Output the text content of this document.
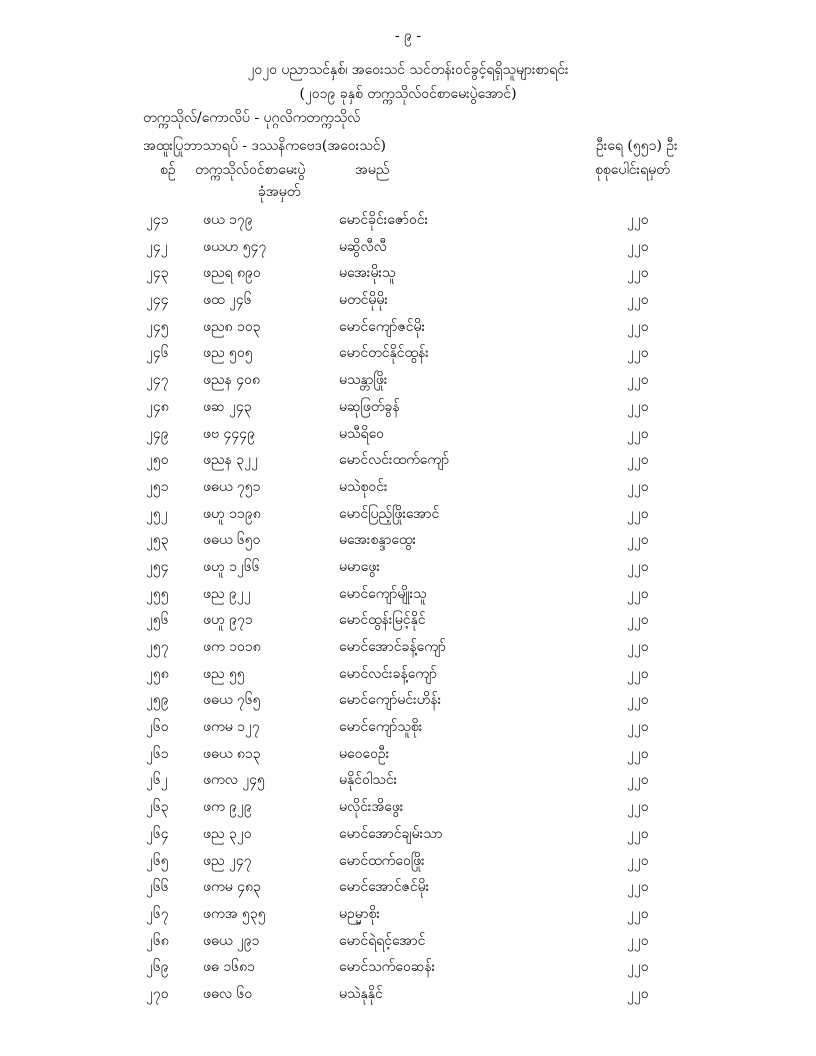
- ၉ -
၂၀၂၀ ပညာသင်နှစ်၊ အဝေးသင် သင်တန်းဝင်ခွင့်ရရှိသူများစာရင်း
(၂၀၁၉ ခုနှစ် တက္ကသိုလ်ဝင်စာမေးပွဲအောင်)
တက္ကသိုလ်/ကောလိပ် - ပုဂ္ဂလိကတက္ကသိုလ်
အထူးပြုဘာသာရပ် - ဒဿနိကဗေဒ(အဝေးသင်)	ဦးရေ (၅၅၁) ဦး
စဉ် တက္ကသိုလ်ဝင်စာမေးပွဲ
ခုံအမှတ်
အမည်	စုစုပေါင်းရမှတ်
၂၄၁ ဖယ ၁၇၉	မောင်ခိုင်းဇော်ဝင်း	၂၂၀
၂၄၂	ဖယဟ ၅၄၇	မဆွိလီလီ	၂၂၀
၂၄၃ ဖညရ ၈၉၀	မအေးမိုးသူ	၂၂၀
၂၄၄ ဖထ ၂၄၆	မတင်မိုမိုး	၂၂၀
၂၄၅ ဖည၈ ၁၀၃	မောင်ကျော်ဇင်မိုး	၂၂၀
၂၄၆ ဖည ၅၀၅	မောင်တင်နိုင်ထွန်း	၂၂၀
၂၄၇ ဖညန ၄၀၈	မသန္တာဖြိုး	၂၂၀
၂၄၈ ဖဆ ၂၄၃	မဆုဖြတ်ခွန်	၂၂၀
၂၄၉ ဖဗ ၄၄၄၉	မသီရိဝေ	၂၂၀
၂၅၀ ဖညန ၃၂၂	မောင်လင်းထက်ကျော်	၂၂၀
၂၅၁ ဖဓယ ၇၅၁	မသဲစုဝင်း	၂၂၀
၂၅၂	ဖဟူ ၁၁၉၈	မောင်ပြည့်ဖြိုးအောင်	၂၂၀
၂၅၃ ဖဓယ ၆၅၀	မအေးစန္ဒာထွေး	၂၂၀
၂၅၄ ဖဟူ ၁၂၆၆	မမာဖွေး	၂၂၀
၂၅၅ ဖည ၉၂၂	မောင်ကျော်မျိုးသူ	၂၂၀
၂၅၆ ဖဟူ ၉၇၁	မောင်ထွန်းမြင့်နိုင်	၂၂၀
၂၅၇ ဖက ၁၀၁၈	မောင်အောင်ခန့်ကျော်	၂၂၀
၂၅၈ ဖည ၅၅	မောင်လင်းခန့်ကျော်	၂၂၀
၂၅၉ ဖဓယ ၇၆၅	မောင်ကျော်မင်းဟိန်း	၂၂၀
၂၆၀ ဖကမ ၁၂၇	မောင်ကျော်သူစိုး	၂၂၀
၂၆၁ ဖဓယ ၈၁၃	မဝေဝေဦး	၂၂၀
၂၆၂	ဖကလ ၂၄၅	မနိုင်ဝါသင်း	၂၂၀
၂၆၃ ဖက ၉၂၉	မလိုင်းအိဖွေး	၂၂၀
၂၆၄ ဖည ၃၂၀	မောင်အောင်ချမ်းသာ	၂၂၀
၂၆၅ ဖည ၂၄၇	မောင်ထက်ဝေဖြိုး	၂၂၀
၂၆၆ ဖကမ ၄၈၃	မောင်အောင်ဇင်မိုး	၂၂၀
၂၆၇ ဖကအ ၅၃၅	မဉမ္မာစိုး	၂၂၀
၂၆၈ ဖဓယ ၂၉၁	မောင်ရဲရင့်အောင်	၂၂၀
၂၆၉ ဖဓ ၁၆၈၁	မောင်သက်ဝေဆန်း	၂၂၀
၂၇၀ ဖဓလ ၆၀	မသဲနုနိုင်	၂၂၀
